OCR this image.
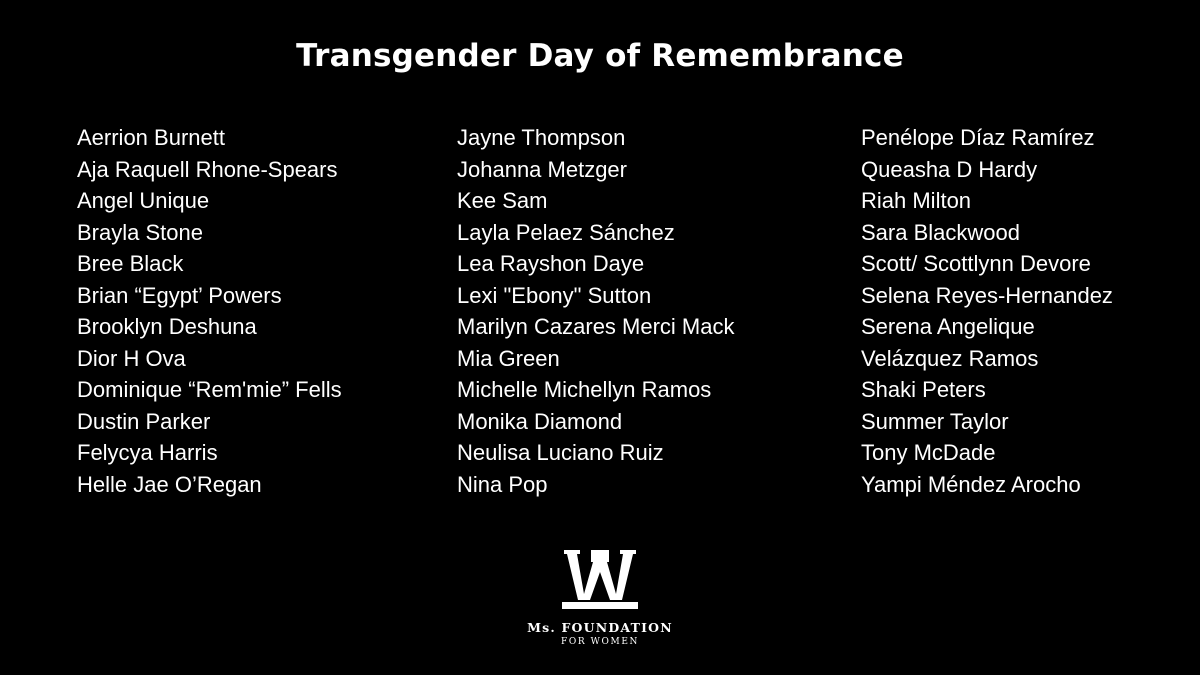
Transgender Day of Remembrance
Aerrion Burnett
Aja Raquell Rhone-Spears
Angel Unique
Brayla Stone
Bree Black
Brian “Egypt’ Powers
Brooklyn Deshuna
Dior H Ova
Dominique “Rem'mie” Fells
Dustin Parker
Felycya Harris
Helle Jae O’Regan
Jayne Thompson
Johanna Metzger
Kee Sam
Layla Pelaez Sánchez
Lea Rayshon Daye
Lexi "Ebony" Sutton
Marilyn Cazares Merci Mack
Mia Green
Michelle Michellyn Ramos
Monika Diamond
Neulisa Luciano Ruiz
Nina Pop
Penélope Díaz Ramírez
Queasha D Hardy
Riah Milton
Sara Blackwood
Scott/ Scottlynn Devore
Selena Reyes-Hernandez
Serena Angelique
Velázquez Ramos
Shaki Peters
Summer Taylor
Tony McDade
Yampi Méndez Arocho
Ms. FOUNDATION
FOR WOMEN
